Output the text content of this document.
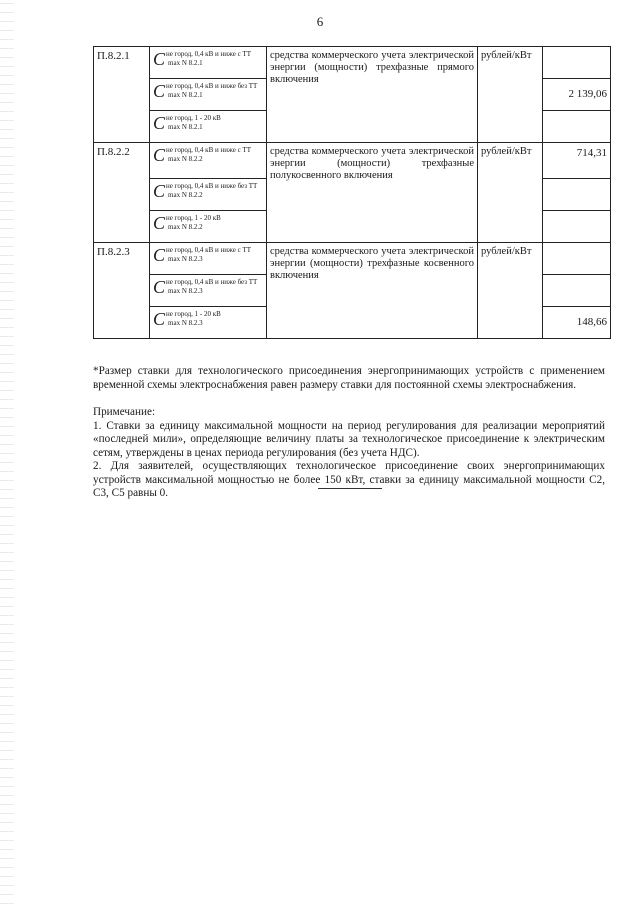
6
П.8.2.1	C не город, 0,4 кВ и ниже с ТТ
max N 8.2.1	средства коммерческого учета электрической энергии (мощности) трехфазные прямого включения	рублей/кВт	

	C не город, 0,4 кВ и ниже без ТТ
max N 8.2.1			2 139,06

	C не город, 1 - 20 кВ
max N 8.2.1			

П.8.2.2	C не город, 0,4 кВ и ниже с ТТ
max N 8.2.2	средства коммерческого учета электрической энергии (мощности) трехфазные полукосвенного включения	рублей/кВт	714,31

	C не город, 0,4 кВ и ниже без ТТ
max N 8.2.2			

	C не город, 1 - 20 кВ
max N 8.2.2			

П.8.2.3	C не город, 0,4 кВ и ниже с ТТ
max N 8.2.3	средства коммерческого учета электрической энергии (мощности) трехфазные косвенного включения	рублей/кВт	

	C не город, 0,4 кВ и ниже без ТТ
max N 8.2.3			

	C не город, 1 - 20 кВ
max N 8.2.3			148,66

*Размер ставки для технологического присоединения энергопринимающих устройств с применением временной схемы электроснабжения равен размеру ставки для постоянной схемы электроснабжения.

Примечание:

1. Ставки за единицу максимальной мощности на период регулирования для реализации мероприятий «последней мили», определяющие величину платы за технологическое присоединение к электрическим сетям, утверждены в ценах периода регулирования (без учета НДС).

2. Для заявителей, осуществляющих технологическое присоединение своих энергопринимающих устройств максимальной мощностью не более 150 кВт, ставки за единицу максимальной мощности С2, С3, С5 равны 0.
